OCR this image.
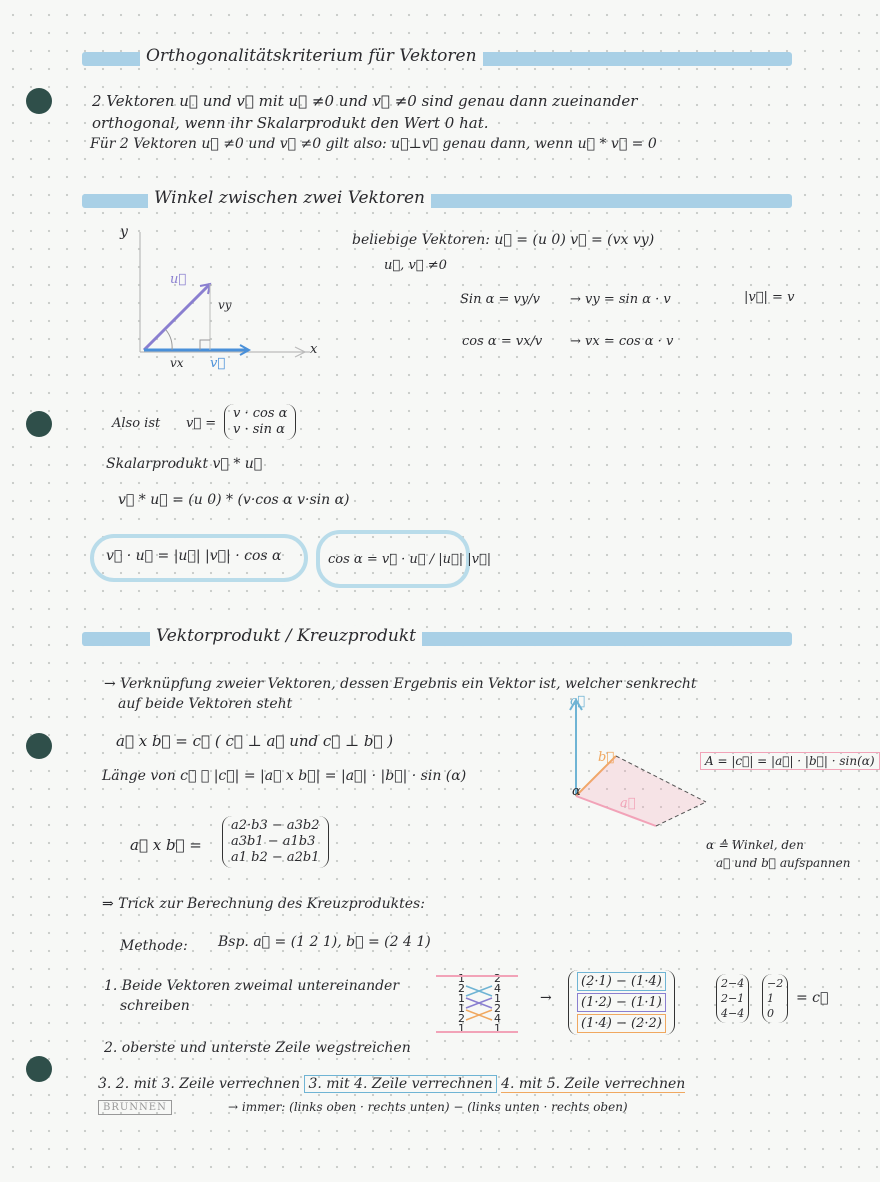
Orthogonalitätskriterium für Vektoren
2 Vektoren u⃗ und v⃗ mit u⃗ ≠0 und v⃗ ≠0 sind genau dann zueinander
orthogonal, wenn ihr Skalarprodukt den Wert 0 hat.
Für 2 Vektoren u⃗ ≠0 und v⃗ ≠0 gilt also: u⃗⊥v⃗ genau dann, wenn u⃗ * v⃗ = 0
Winkel zwischen zwei Vektoren
y
x
u⃗
v⃗
vy
vx
beliebige Vektoren: u⃗ = (u 0) v⃗ = (vx vy)
u⃗, v⃗ ≠0
Sin α = vy/v → vy = sin α · v	|v⃗| = v
cos α = vx/v → vx = cos α · v
Also ist v⃗ =
v · cos α
v · sin α
Skalarprodukt v⃗ * u⃗
v⃗ * u⃗ = (u 0) * (v·cos α v·sin α)
v⃗ · u⃗ = |u⃗| |v⃗| · cos α	cos α = v⃗ · u⃗ / |u⃗| |v⃗|
Vektorprodukt / Kreuzprodukt
→ Verknüpfung zweier Vektoren, dessen Ergebnis ein Vektor ist, welcher senkrecht
auf beide Vektoren steht
a⃗ x b⃗ = c⃗ ( c⃗ ⊥ a⃗ und c⃗ ⊥ b⃗ )
Länge von c⃗ ≙ |c⃗| = |a⃗ x b⃗| = |a⃗| · |b⃗| · sin (α)
a⃗ x b⃗ =
a2·b3 − a3b2
a3b1 − a1b3
a1 b2 − a2b1
c⃗
b⃗
a⃗
α
A = |c⃗| = |a⃗| · |b⃗| · sin(α)
α ≙ Winkel, den
a⃗ und b⃗ aufspannen
⇒ Trick zur Berechnung des Kreuzproduktes:
Methode: Bsp. a⃗ = (1 2 1), b⃗ = (2 4 1)
1. Beide Vektoren zweimal untereinander
schreiben
2. oberste und unterste Zeile wegstreichen
1
2
1
1
2
1
2
4
1
2
4
1
→
(2·1) − (1·4)
(1·2) − (1·1)
(1·4) − (2·2)
2−4
2−1
4−4
−2
1
0
= c⃗
3. 2. mit 3. Zeile verrechnen 3. mit 4. Zeile verrechnen 4. mit 5. Zeile verrechnen
→ immer: (links oben · rechts unten) − (links unten · rechts oben)
BRUNNEN
